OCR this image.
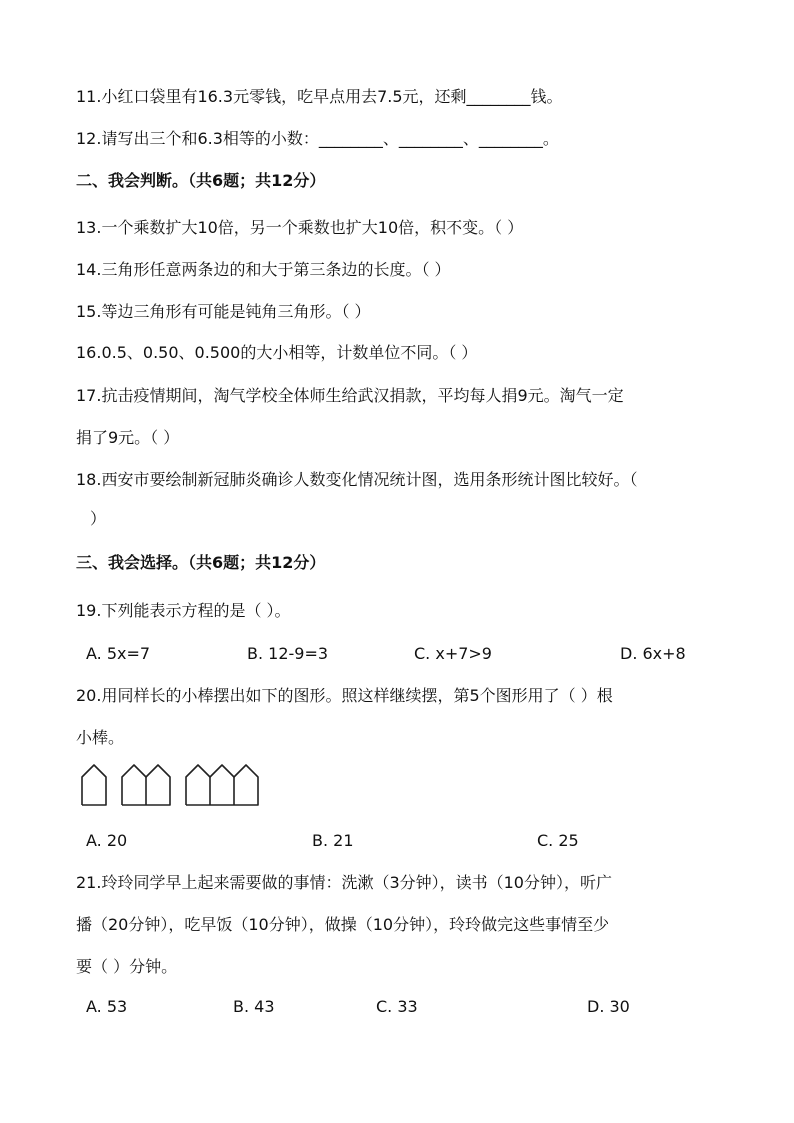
11.小红口袋里有16.3元零钱，吃早点用去7.5元，还剩________钱。
12.请写出三个和6.3相等的小数：________、________、________。
二、我会判断。（共6题；共12分）
13.一个乘数扩大10倍，另一个乘数也扩大10倍，积不变。（ ）
14.三角形任意两条边的和大于第三条边的长度。（ ）
15.等边三角形有可能是钝角三角形。（ ）
16.0.5、0.50、0.500的大小相等，计数单位不同。（ ）
17.抗击疫情期间，淘气学校全体师生给武汉捐款，平均每人捐9元。淘气一定
捐了9元。（ ）
18.西安市要绘制新冠肺炎确诊人数变化情况统计图，选用条形统计图比较好。（
）
三、我会选择。（共6题；共12分）
19.下列能表示方程的是（ ）。
A. 5x=7	B. 12-9=3	C. x+7>9	D. 6x+8
20.用同样长的小棒摆出如下的图形。照这样继续摆，第5个图形用了（ ）根
小棒。
A. 20	B. 21	C. 25
21.玲玲同学早上起来需要做的事情：洗漱（3分钟），读书（10分钟），听广
播（20分钟），吃早饭（10分钟），做操（10分钟），玲玲做完这些事情至少
要（ ）分钟。
A. 53	B. 43	C. 33	D. 30
